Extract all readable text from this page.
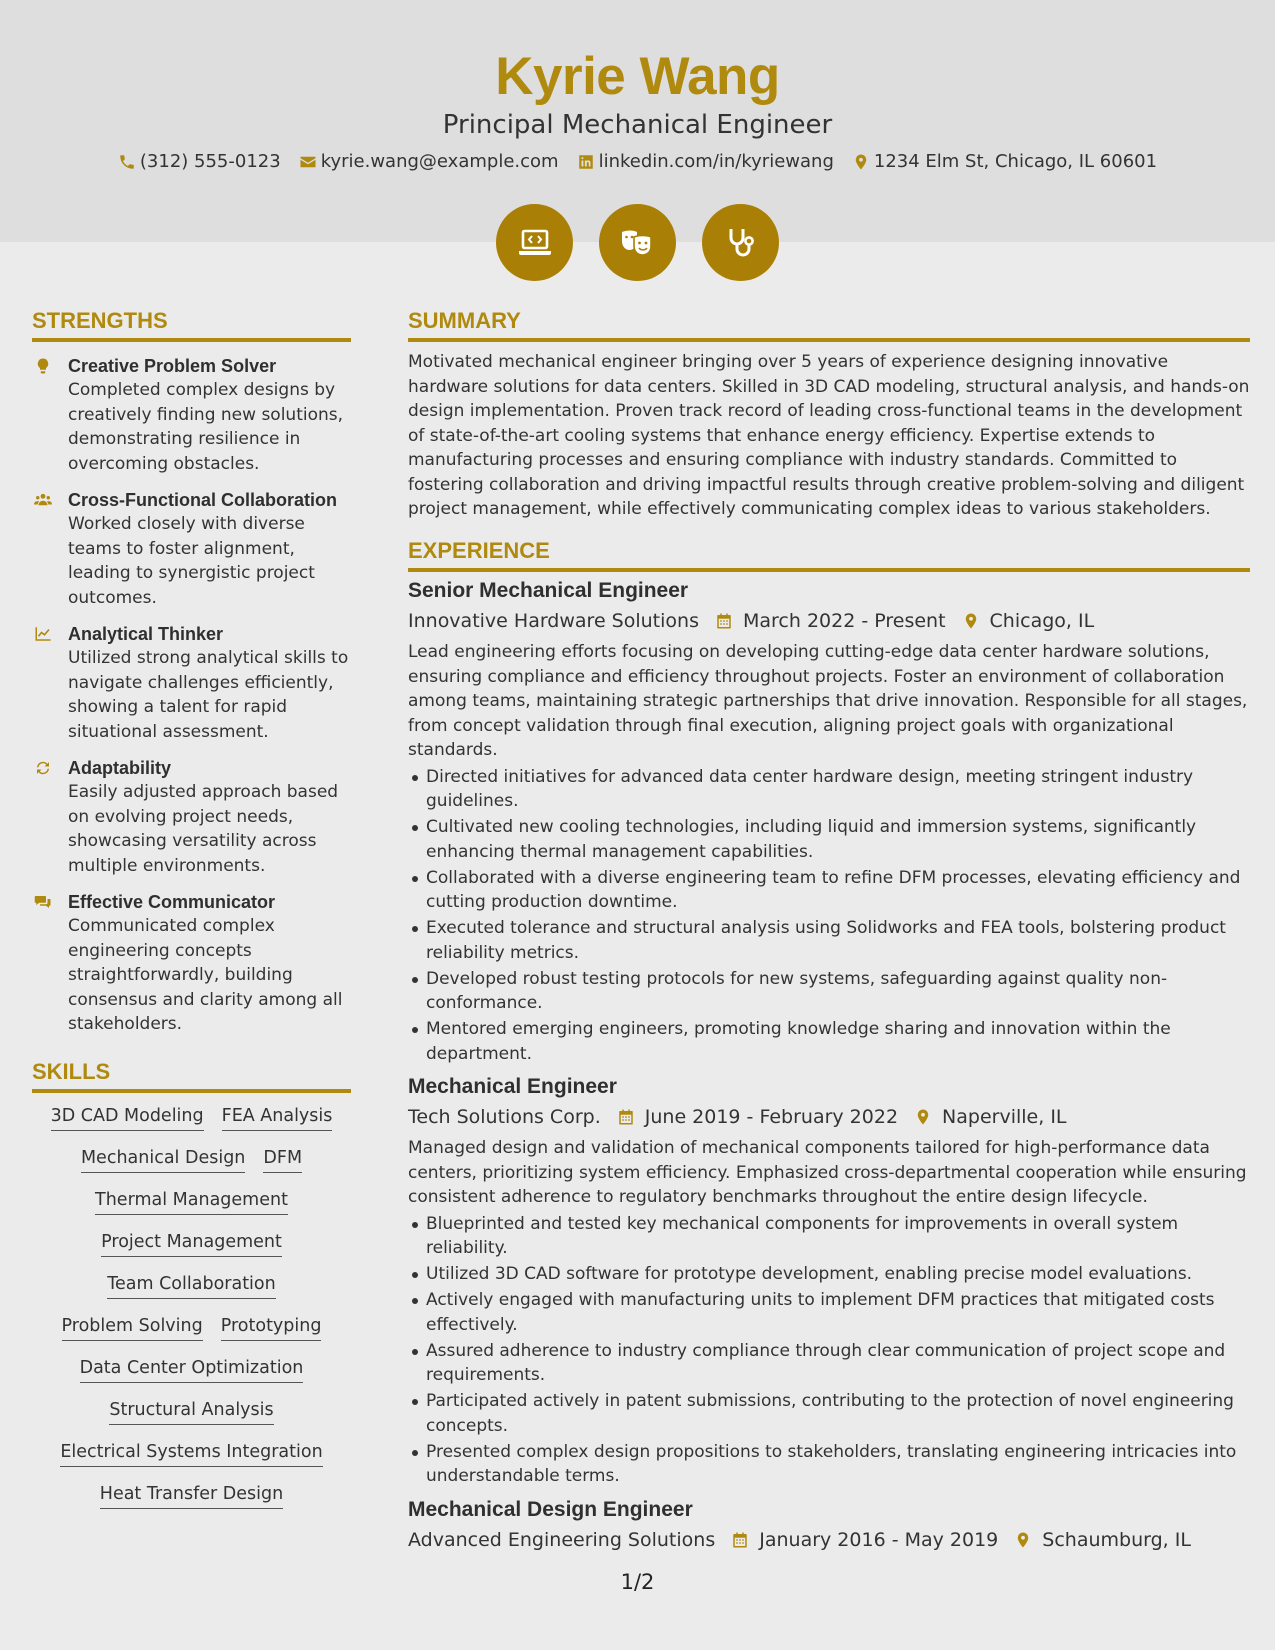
Kyrie Wang
Principal Mechanical Engineer
(312) 555-0123 kyrie.wang@example.com linkedin.com/in/kyriewang 1234 Elm St, Chicago, IL 60601
STRENGTHS
Creative Problem Solver
Completed complex designs by creatively finding new solutions, demonstrating resilience in overcoming obstacles.
Cross-Functional Collaboration
Worked closely with diverse teams to foster alignment, leading to synergistic project outcomes.
Analytical Thinker
Utilized strong analytical skills to navigate challenges efficiently, showing a talent for rapid situational assessment.
Adaptability
Easily adjusted approach based on evolving project needs, showcasing versatility across multiple environments.
Effective Communicator
Communicated complex engineering concepts straightforwardly, building consensus and clarity among all stakeholders.
SKILLS
3D CAD Modeling FEA Analysis
Mechanical Design DFM
Thermal Management
Project Management
Team Collaboration
Problem Solving Prototyping
Data Center Optimization
Structural Analysis
Electrical Systems Integration
Heat Transfer Design
SUMMARY
Motivated mechanical engineer bringing over 5 years of experience designing innovative hardware solutions for data centers. Skilled in 3D CAD modeling, structural analysis, and hands-on design implementation. Proven track record of leading cross-functional teams in the development of state-of-the-art cooling systems that enhance energy efficiency. Expertise extends to manufacturing processes and ensuring compliance with industry standards. Committed to fostering collaboration and driving impactful results through creative problem-solving and diligent project management, while effectively communicating complex ideas to various stakeholders.
EXPERIENCE
Senior Mechanical Engineer
Innovative Hardware Solutions March 2022 - Present Chicago, IL
Lead engineering efforts focusing on developing cutting-edge data center hardware solutions, ensuring compliance and efficiency throughout projects. Foster an environment of collaboration among teams, maintaining strategic partnerships that drive innovation. Responsible for all stages, from concept validation through final execution, aligning project goals with organizational standards.
Directed initiatives for advanced data center hardware design, meeting stringent industry guidelines.
Cultivated new cooling technologies, including liquid and immersion systems, significantly enhancing thermal management capabilities.
Collaborated with a diverse engineering team to refine DFM processes, elevating efficiency and cutting production downtime.
Executed tolerance and structural analysis using Solidworks and FEA tools, bolstering product reliability metrics.
Developed robust testing protocols for new systems, safeguarding against quality non-conformance.
Mentored emerging engineers, promoting knowledge sharing and innovation within the department.
Mechanical Engineer
Tech Solutions Corp. June 2019 - February 2022 Naperville, IL
Managed design and validation of mechanical components tailored for high-performance data centers, prioritizing system efficiency. Emphasized cross-departmental cooperation while ensuring consistent adherence to regulatory benchmarks throughout the entire design lifecycle.
Blueprinted and tested key mechanical components for improvements in overall system reliability.
Utilized 3D CAD software for prototype development, enabling precise model evaluations.
Actively engaged with manufacturing units to implement DFM practices that mitigated costs effectively.
Assured adherence to industry compliance through clear communication of project scope and requirements.
Participated actively in patent submissions, contributing to the protection of novel engineering concepts.
Presented complex design propositions to stakeholders, translating engineering intricacies into understandable terms.
Mechanical Design Engineer
Advanced Engineering Solutions January 2016 - May 2019 Schaumburg, IL
1/2
